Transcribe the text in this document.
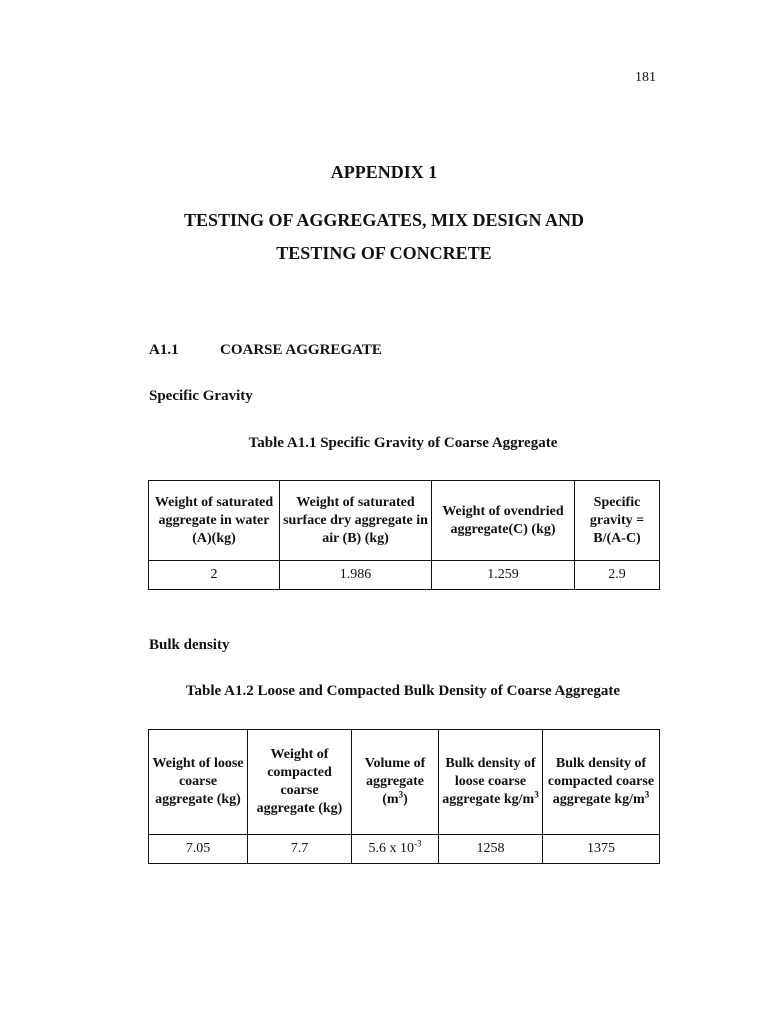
181
APPENDIX 1
TESTING OF AGGREGATES, MIX DESIGN AND
TESTING OF CONCRETE
A1.1	COARSE AGGREGATE
Specific Gravity
Table A1.1 Specific Gravity of Coarse Aggregate
Weight of saturated aggregate in water (A)(kg)	Weight of saturated surface dry aggregate in air (B) (kg)	Weight of ovendried aggregate(C) (kg)	Specific gravity = B/(A-C)
2	1.986	1.259	2.9
Bulk density
Table A1.2 Loose and Compacted Bulk Density of Coarse Aggregate
Weight of loose coarse aggregate (kg)	Weight of compacted coarse aggregate (kg)	Volume of aggregate $(m^3)$	Bulk density of loose coarse aggregate $kg/m^3$	Bulk density of compacted coarse aggregate $kg/m^3$
7.05	7.7	5.6 x $10^{-3}$	1258	1375
